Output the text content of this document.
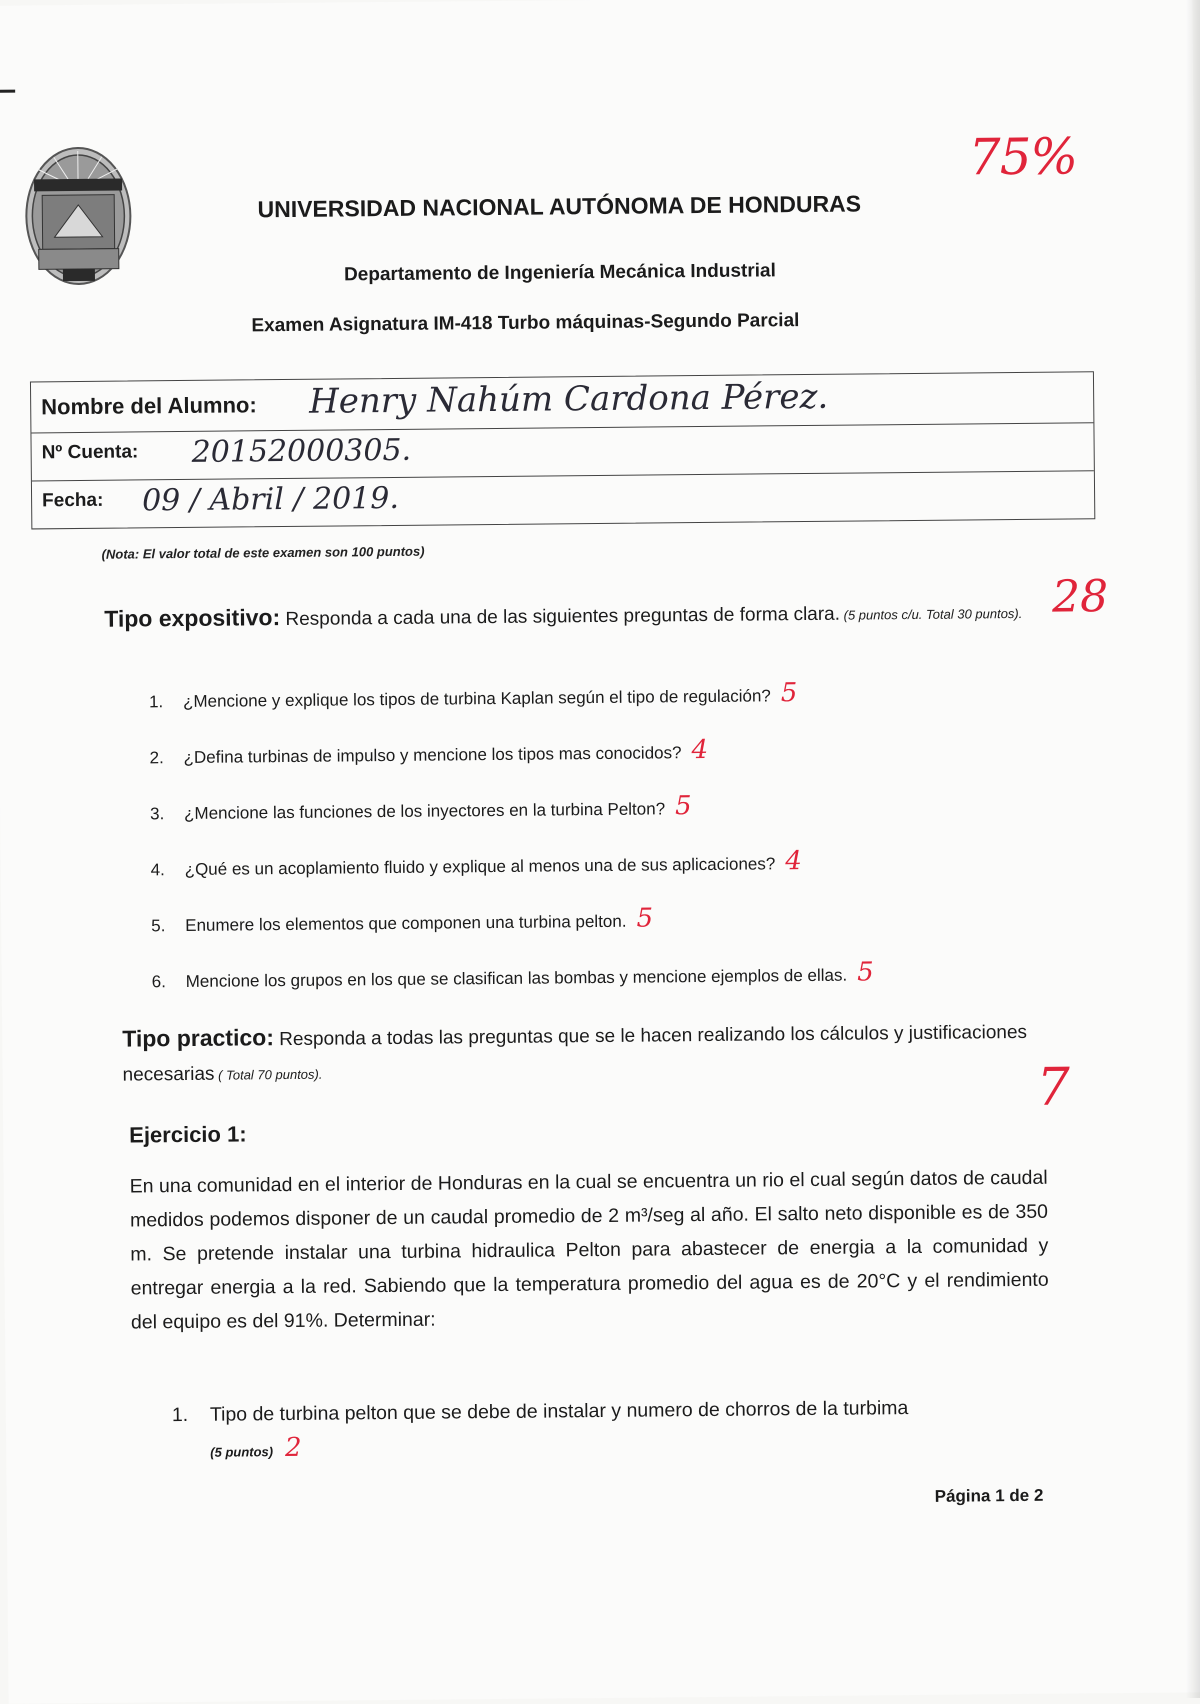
75%
UNIVERSIDAD NACIONAL AUTÓNOMA DE HONDURAS
Departamento de Ingeniería Mecánica Industrial
Examen Asignatura IM-418 Turbo máquinas-Segundo Parcial
Nombre del Alumno: Henry Nahúm Cardona Pérez.
Nº Cuenta: 20152000305.
Fecha: 09 / Abril / 2019.
(Nota: El valor total de este examen son 100 puntos)
Tipo expositivo: Responda a cada una de las siguientes preguntas de forma clara. (5 puntos c/u. Total 30 puntos). 28
1. ¿Mencione y explique los tipos de turbina Kaplan según el tipo de regulación? 5
2. ¿Defina turbinas de impulso y mencione los tipos mas conocidos? 4
3. ¿Mencione las funciones de los inyectores en la turbina Pelton? 5
4. ¿Qué es un acoplamiento fluido y explique al menos una de sus aplicaciones? 4
5. Enumere los elementos que componen una turbina pelton. 5
6. Mencione los grupos en los que se clasifican las bombas y mencione ejemplos de ellas. 5
Tipo practico: Responda a todas las preguntas que se le hacen realizando los cálculos y justificaciones necesarias ( Total 70 puntos).	7
Ejercicio 1:
En una comunidad en el interior de Honduras en la cual se encuentra un rio el cual según datos de caudal medidos podemos disponer de un caudal promedio de 2 m³/seg al año. El salto neto disponible es de 350 m. Se pretende instalar una turbina hidraulica Pelton para abastecer de energia a la comunidad y entregar energia a la red. Sabiendo que la temperatura promedio del agua es de 20°C y el rendimiento del equipo es del 91%. Determinar:
1.	Tipo de turbina pelton que se debe de instalar y numero de chorros de la turbima
(5 puntos) 2
Página 1 de 2
